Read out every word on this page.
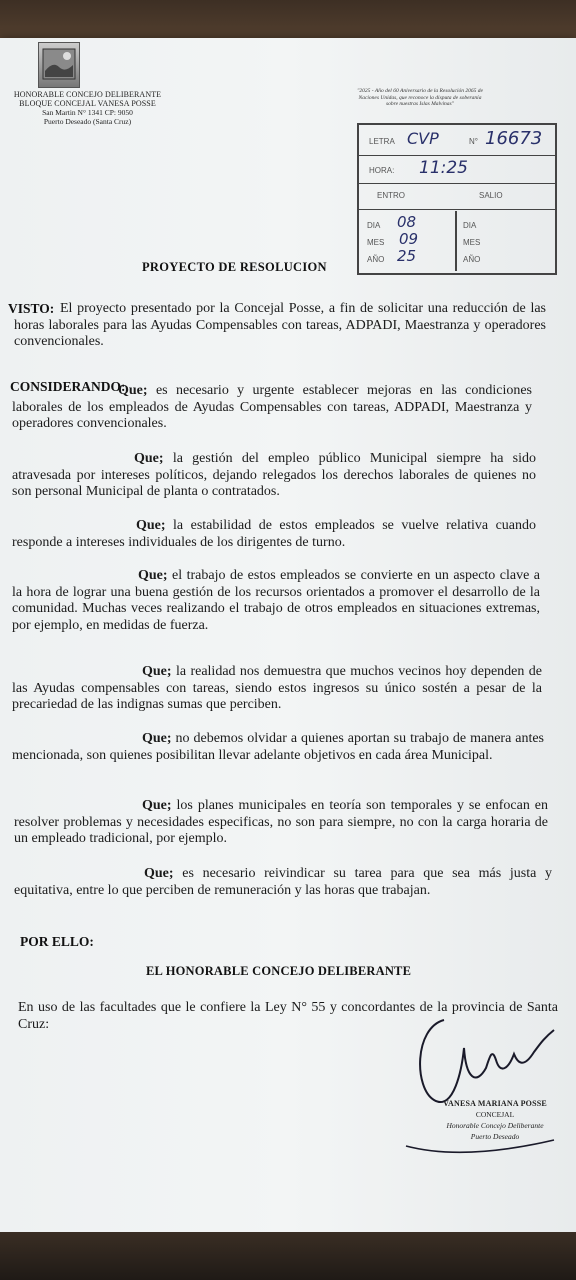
HONORABLE CONCEJO DELIBERANTE
BLOQUE CONCEJAL VANESA POSSE
San Martin N° 1341 CP: 9050
Puerto Deseado (Santa Cruz)
"2025 - Año del 60 Aniversario de la Resolución 2065 de
Naciones Unidas, que reconoce la disputa de soberanía
sobre nuestras Islas Malvinas"
LETRA CVP	N° 16673
HORA: 11:25
ENTRO	SALIO
DIA 08
MES 09
AÑO 25
DIA
MES
AÑO
PROYECTO DE RESOLUCION
VISTO: El proyecto presentado por la Concejal Posse, a fin de solicitar una reducción de las horas laborales para las Ayudas Compensables con tareas, ADPADI, Maestranza y operadores convencionales.
CONSIDERANDO:
Que; es necesario y urgente establecer mejoras en las condiciones laborales de los empleados de Ayudas Compensables con tareas, ADPADI, Maestranza y operadores convencionales.
Que; la gestión del empleo público Municipal siempre ha sido atravesada por intereses políticos, dejando relegados los derechos laborales de quienes no son personal Municipal de planta o contratados.
Que; la estabilidad de estos empleados se vuelve relativa cuando responde a intereses individuales de los dirigentes de turno.
Que; el trabajo de estos empleados se convierte en un aspecto clave a la hora de lograr una buena gestión de los recursos orientados a promover el desarrollo de la comunidad. Muchas veces realizando el trabajo de otros empleados en situaciones extremas, por ejemplo, en medidas de fuerza.
Que; la realidad nos demuestra que muchos vecinos hoy dependen de las Ayudas compensables con tareas, siendo estos ingresos su único sostén a pesar de la precariedad de las indignas sumas que perciben.
Que; no debemos olvidar a quienes aportan su trabajo de manera antes mencionada, son quienes posibilitan llevar adelante objetivos en cada área Municipal.
Que; los planes municipales en teoría son temporales y se enfocan en resolver problemas y necesidades especificas, no son para siempre, no con la carga horaria de un empleado tradicional, por ejemplo.
Que; es necesario reivindicar su tarea para que sea más justa y equitativa, entre lo que perciben de remuneración y las horas que trabajan.
POR ELLO:
EL HONORABLE CONCEJO DELIBERANTE
En uso de las facultades que le confiere la Ley N° 55 y concordantes de la provincia de Santa Cruz:
VANESA MARIANA POSSE
CONCEJAL
Honorable Concejo Deliberante
Puerto Deseado
